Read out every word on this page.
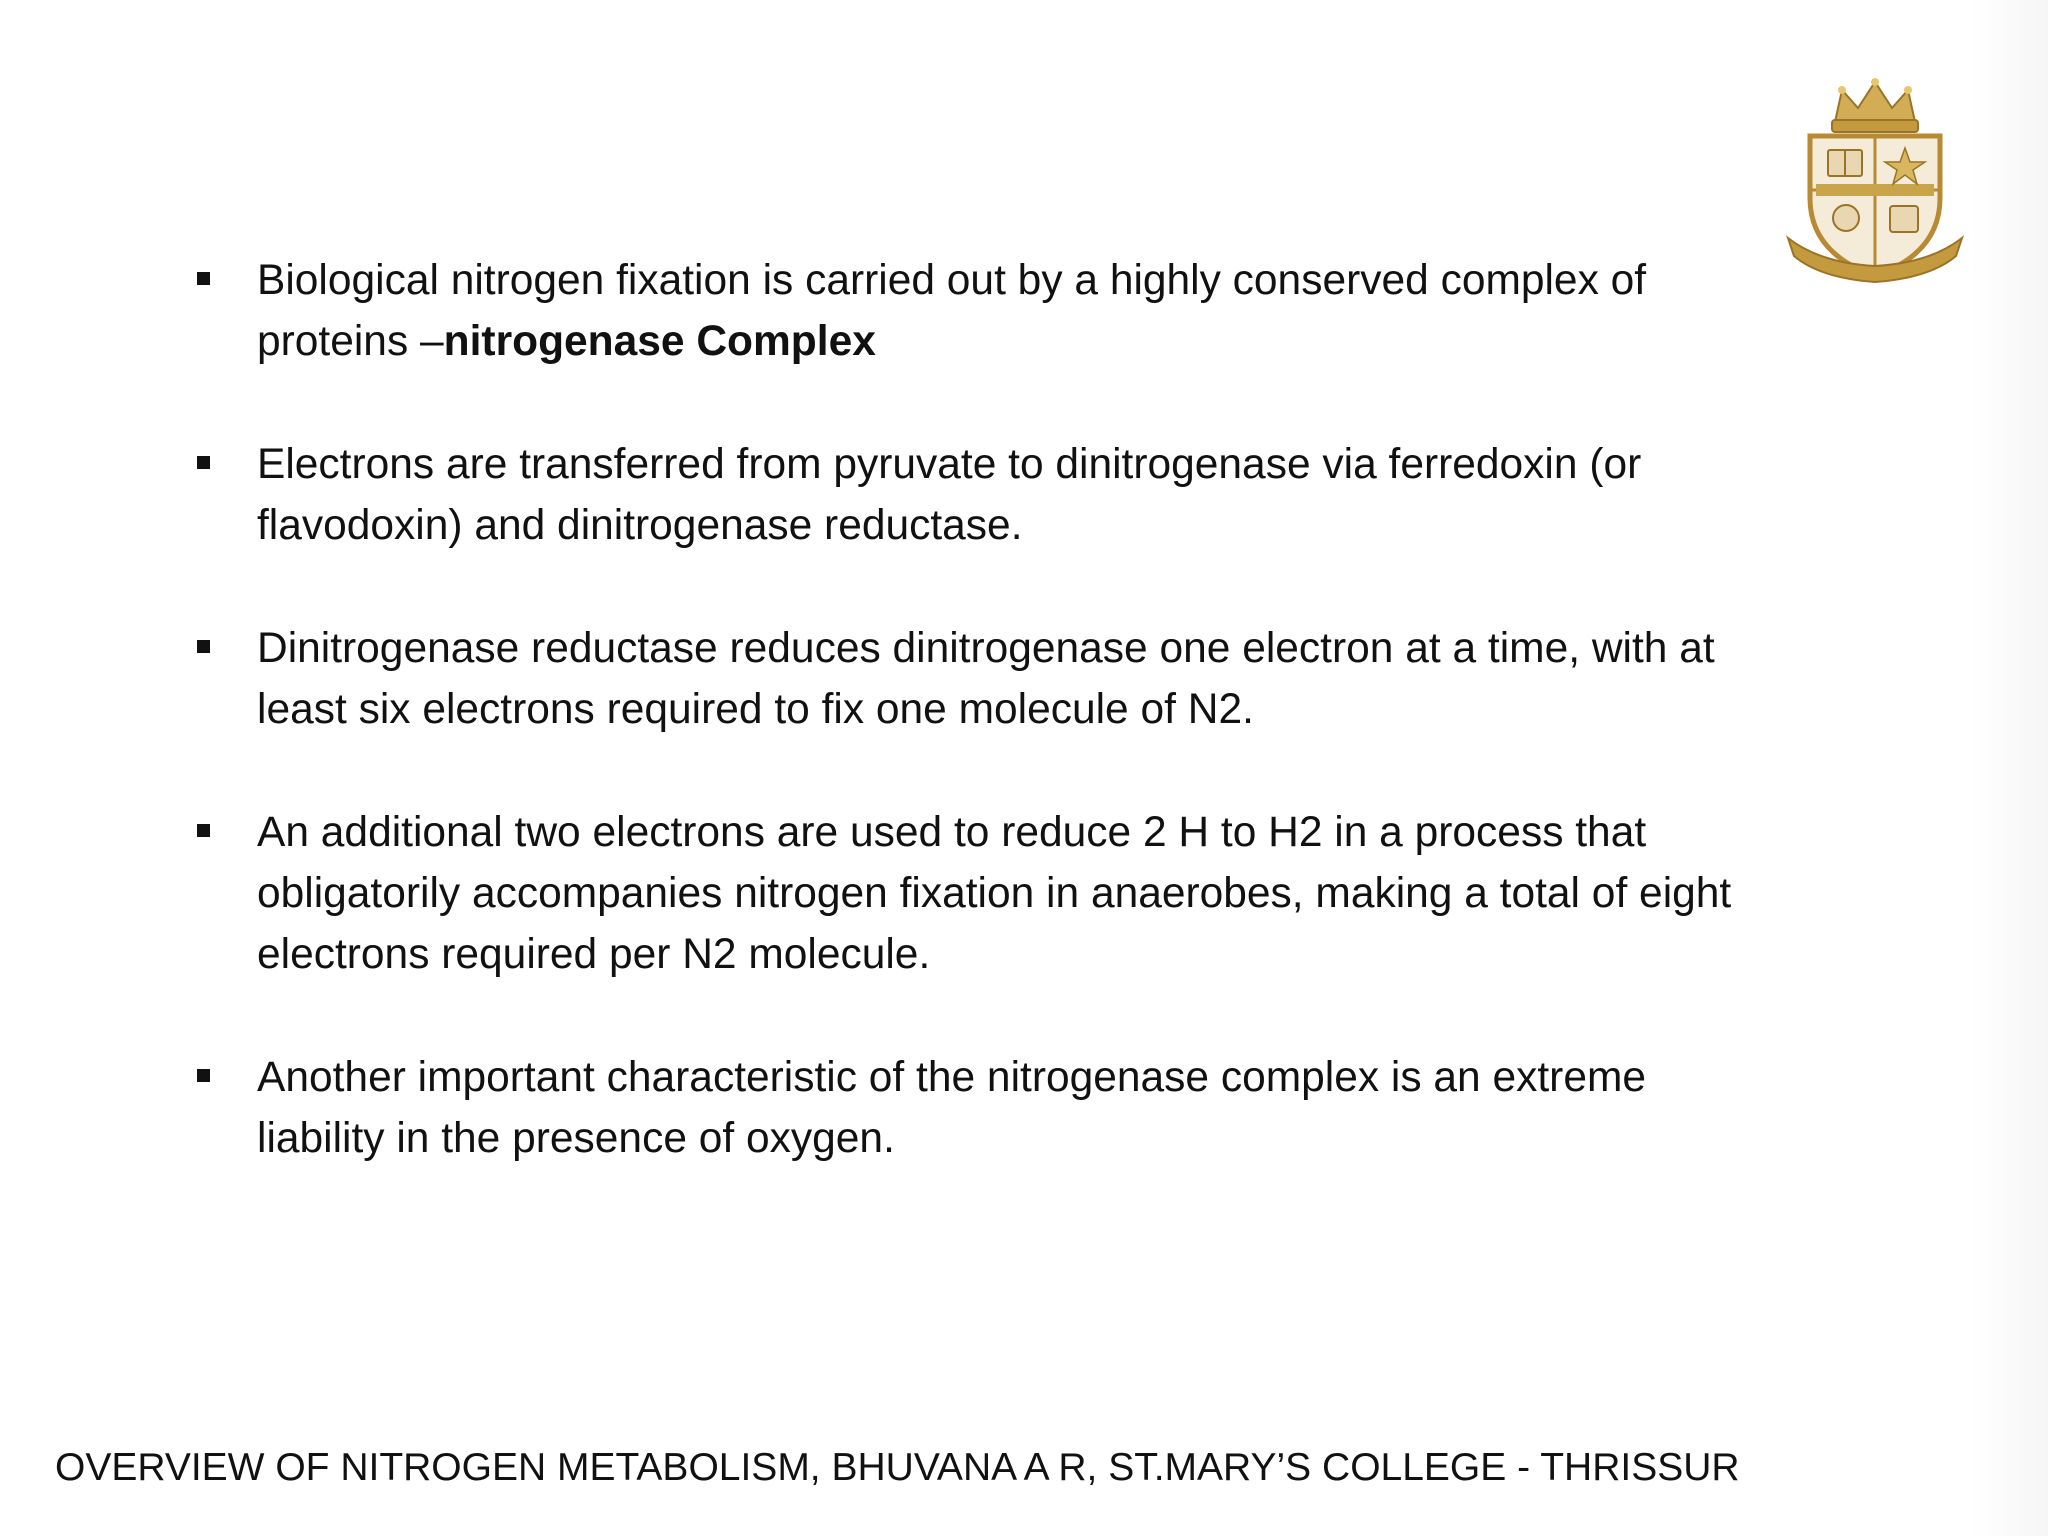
Biological nitrogen fixation is carried out by a highly conserved complex of proteins –nitrogenase Complex
Electrons are transferred from pyruvate to dinitrogenase via ferredoxin (or flavodoxin) and dinitrogenase reductase.
Dinitrogenase reductase reduces dinitrogenase one electron at a time, with at least six electrons required to fix one molecule of N2.
An additional two electrons are used to reduce 2 H to H2 in a process that obligatorily accompanies nitrogen fixation in anaerobes, making a total of eight electrons required per N2 molecule.
Another important characteristic of the nitrogenase complex is an extreme liability in the presence of oxygen.
OVERVIEW OF NITROGEN METABOLISM, BHUVANA A R, ST.MARY’S COLLEGE - THRISSUR
